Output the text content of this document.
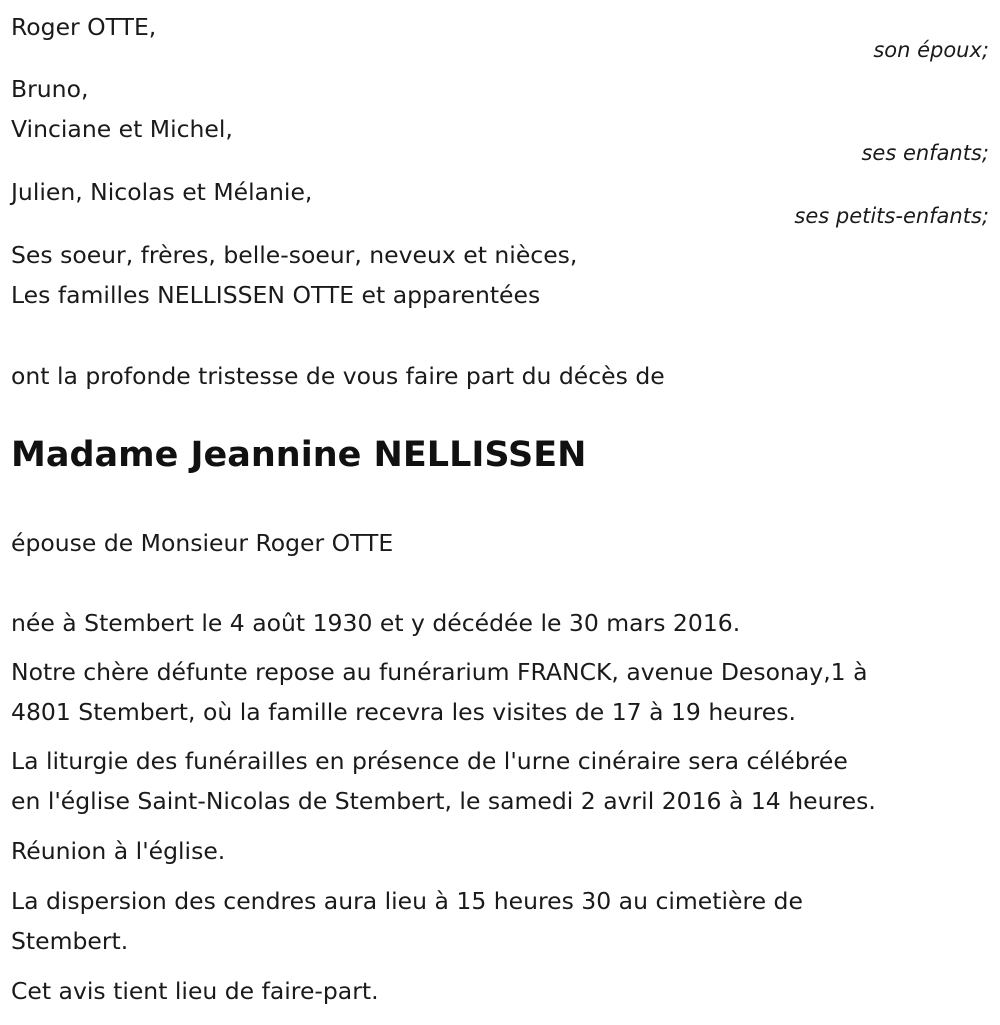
Roger OTTE,
son époux;
Bruno,
Vinciane et Michel,
ses enfants;
Julien, Nicolas et Mélanie,
ses petits-enfants;
Ses soeur, frères, belle-soeur, neveux et nièces,
Les familles NELLISSEN OTTE et apparentées
ont la profonde tristesse de vous faire part du décès de
Madame Jeannine NELLISSEN
épouse de Monsieur Roger OTTE
née à Stembert le 4 août 1930 et y décédée le 30 mars 2016.
Notre chère défunte repose au funérarium FRANCK, avenue Desonay,1 à
4801 Stembert, où la famille recevra les visites de 17 à 19 heures.
La liturgie des funérailles en présence de l'urne cinéraire sera célébrée
en l'église Saint-Nicolas de Stembert, le samedi 2 avril 2016 à 14 heures.
Réunion à l'église.
La dispersion des cendres aura lieu à 15 heures 30 au cimetière de
Stembert.
Cet avis tient lieu de faire-part.
